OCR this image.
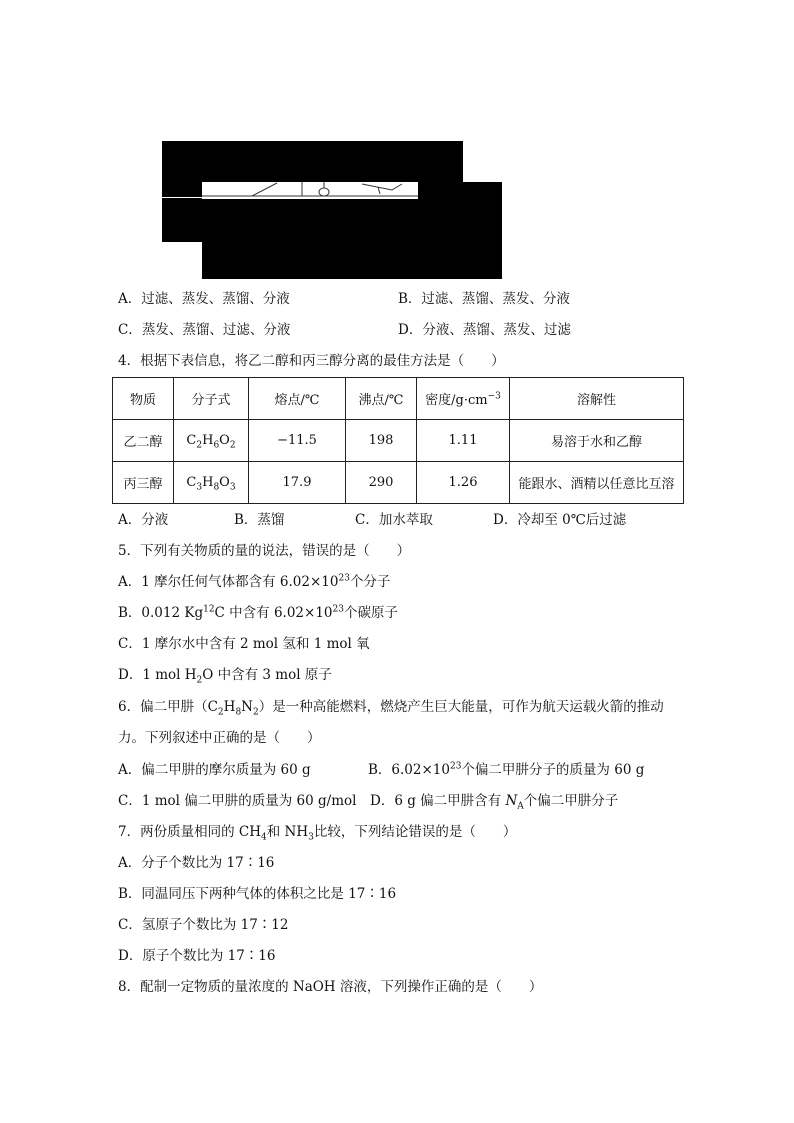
A．过滤、蒸发、蒸馏、分液	B．过滤、蒸馏、蒸发、分液
C．蒸发、蒸馏、过滤、分液	D．分液、蒸馏、蒸发、过滤
4．根据下表信息，将乙二醇和丙三醇分离的最佳方法是（　　）
物质	分子式	熔点/℃	沸点/℃	密度$/g\cdot cm^{-3}$	溶解性
乙二醇	$C_2H_6O_2$	−11.5	198	1.11	易溶于水和乙醇
丙三醇	$C_3H_8O_3$	17.9	290	1.26	能跟水、酒精以任意比互溶
A．分液	B．蒸馏	C．加水萃取	D．冷却至 0℃后过滤
5．下列有关物质的量的说法，错误的是（　　）
A．1 摩尔任何气体都含有 $6.02\times 10^{23}$个分子
B．0.012 Kg$^{12}$C 中含有 $6.02\times 10^{23}$个碳原子
C．1 摩尔水中含有 2 mol 氢和 1 mol 氧
D．1 mol $H_2O$ 中含有 3 mol 原子
6．偏二甲肼$(C_2H_8N_2)$是一种高能燃料，燃烧产生巨大能量，可作为航天运载火箭的推动
力。下列叙述中正确的是（　　）
A．偏二甲肼的摩尔质量为 60 g	B．$6.02\times 10^{23}$个偏二甲肼分子的质量为 60 g
C．1 mol 偏二甲肼的质量为 60 g/mol D．6 g 偏二甲肼含有 $N_A$个偏二甲肼分子
7．两份质量相同的 $CH_4$和 $NH_3$比较，下列结论错误的是（　　）
A．分子个数比为 17∶16
B．同温同压下两种气体的体积之比是 17∶16
C．氢原子个数比为 17∶12
D．原子个数比为 17∶16
8．配制一定物质的量浓度的 NaOH 溶液，下列操作正确的是（　　）
